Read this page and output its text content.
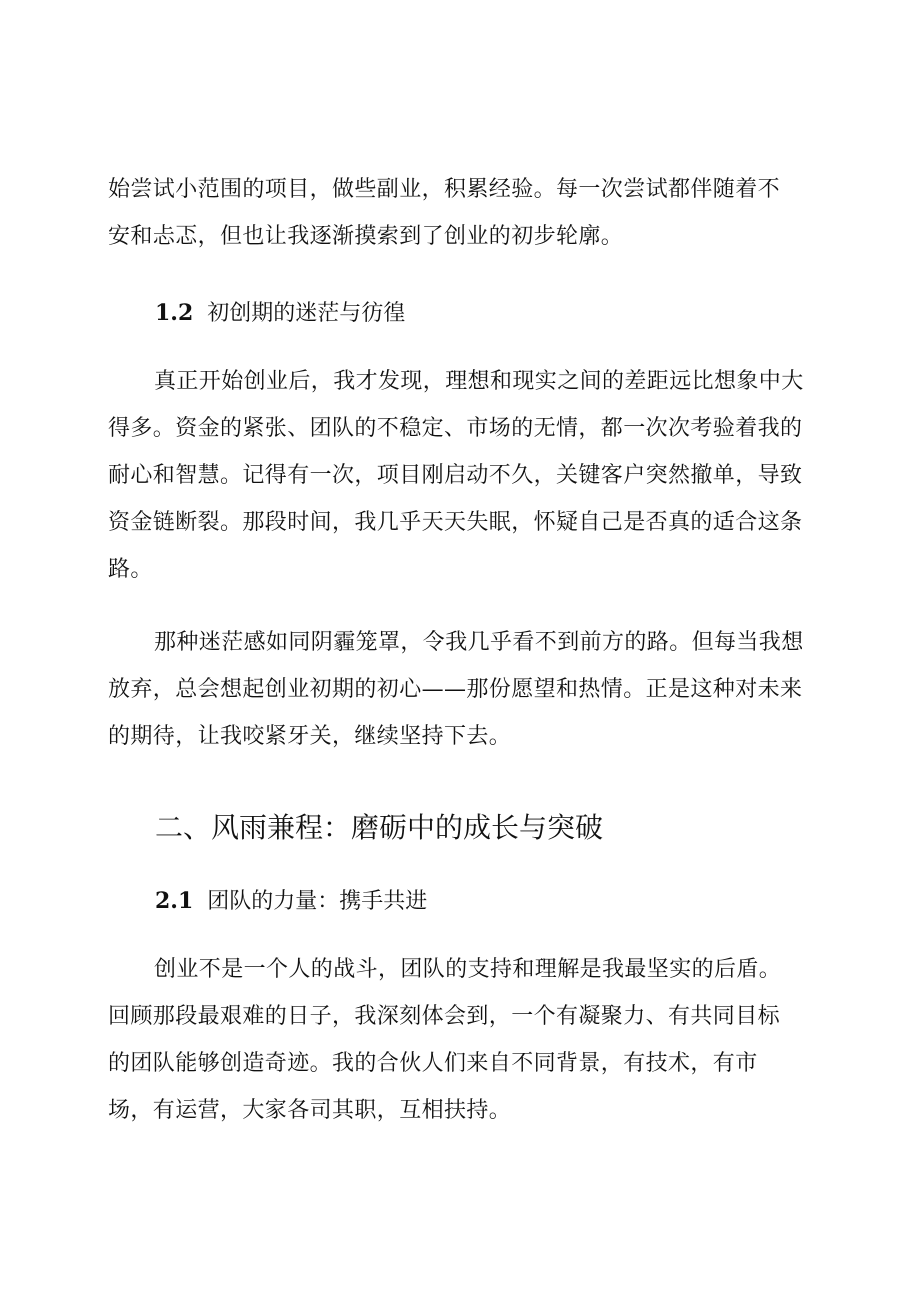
始尝试小范围的项目，做些副业，积累经验。每一次尝试都伴随着不
安和忐忑，但也让我逐渐摸索到了创业的初步轮廓。

1.2 初创期的迷茫与彷徨

真正开始创业后，我才发现，理想和现实之间的差距远比想象中大
得多。资金的紧张、团队的不稳定、市场的无情，都一次次考验着我的
耐心和智慧。记得有一次，项目刚启动不久，关键客户突然撤单，导致
资金链断裂。那段时间，我几乎天天失眠，怀疑自己是否真的适合这条
路。

那种迷茫感如同阴霾笼罩，令我几乎看不到前方的路。但每当我想
放弃，总会想起创业初期的初心——那份愿望和热情。正是这种对未来
的期待，让我咬紧牙关，继续坚持下去。

二、风雨兼程：磨砺中的成长与突破
2.1 团队的力量：携手共进

创业不是一个人的战斗，团队的支持和理解是我最坚实的后盾。
回顾那段最艰难的日子，我深刻体会到，一个有凝聚力、有共同目标
的团队能够创造奇迹。我的合伙人们来自不同背景，有技术，有市
场，有运营，大家各司其职，互相扶持。
